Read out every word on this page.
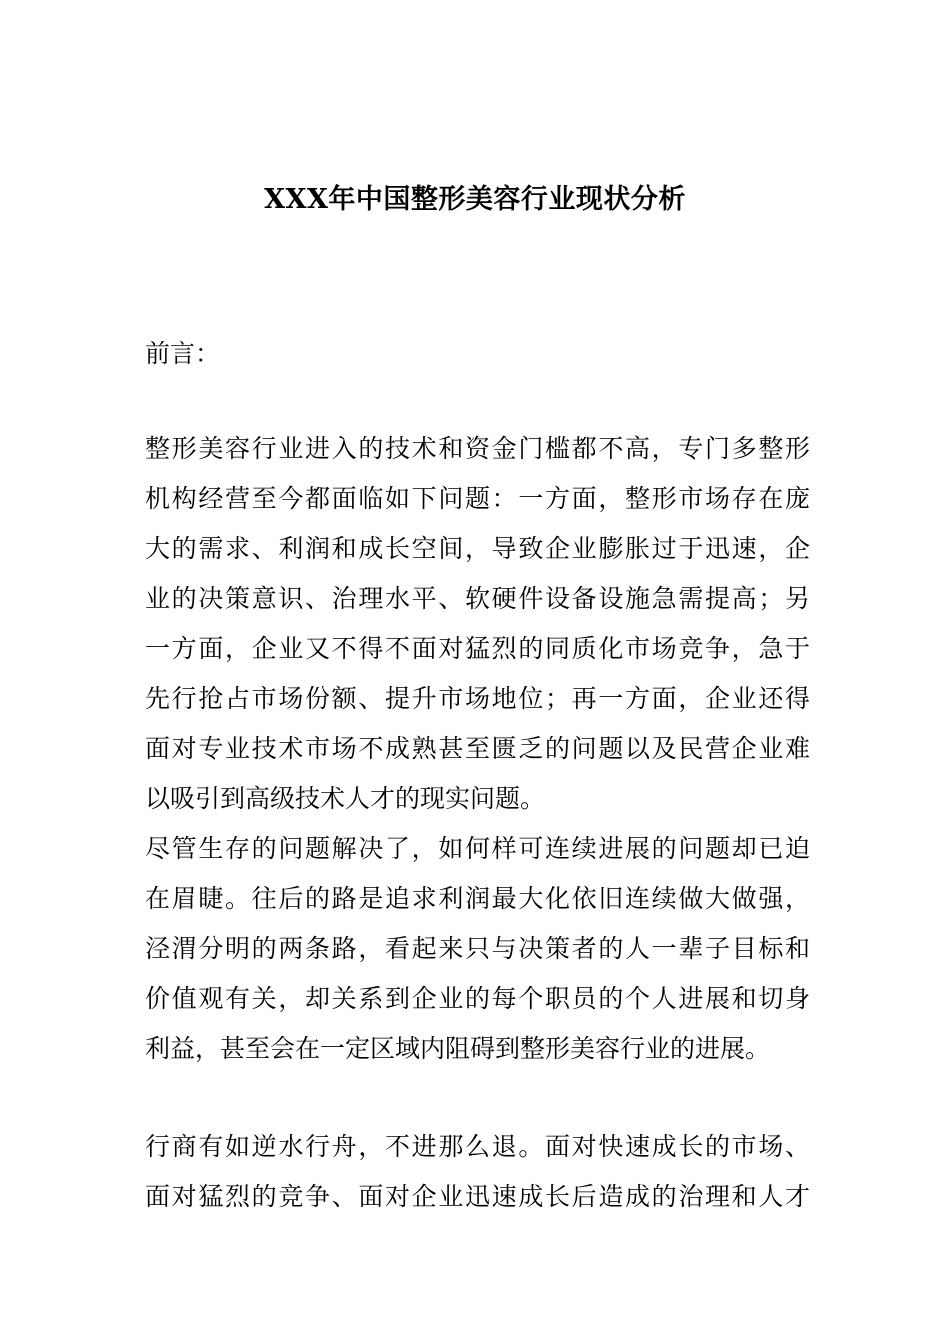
XXX年中国整形美容行业现状分析
前言：
整形美容行业进入的技术和资金门槛都不高，专门多整形
机构经营至今都面临如下问题：一方面，整形市场存在庞
大的需求、利润和成长空间，导致企业膨胀过于迅速，企
业的决策意识、治理水平、软硬件设备设施急需提高；另
一方面，企业又不得不面对猛烈的同质化市场竞争，急于
先行抢占市场份额、提升市场地位；再一方面，企业还得
面对专业技术市场不成熟甚至匮乏的问题以及民营企业难
以吸引到高级技术人才的现实问题。
尽管生存的问题解决了，如何样可连续进展的问题却已迫
在眉睫。往后的路是追求利润最大化依旧连续做大做强，
泾渭分明的两条路，看起来只与决策者的人一辈子目标和
价值观有关，却关系到企业的每个职员的个人进展和切身
利益，甚至会在一定区域内阻碍到整形美容行业的进展。
行商有如逆水行舟，不进那么退。面对快速成长的市场、
面对猛烈的竞争、面对企业迅速成长后造成的治理和人才
